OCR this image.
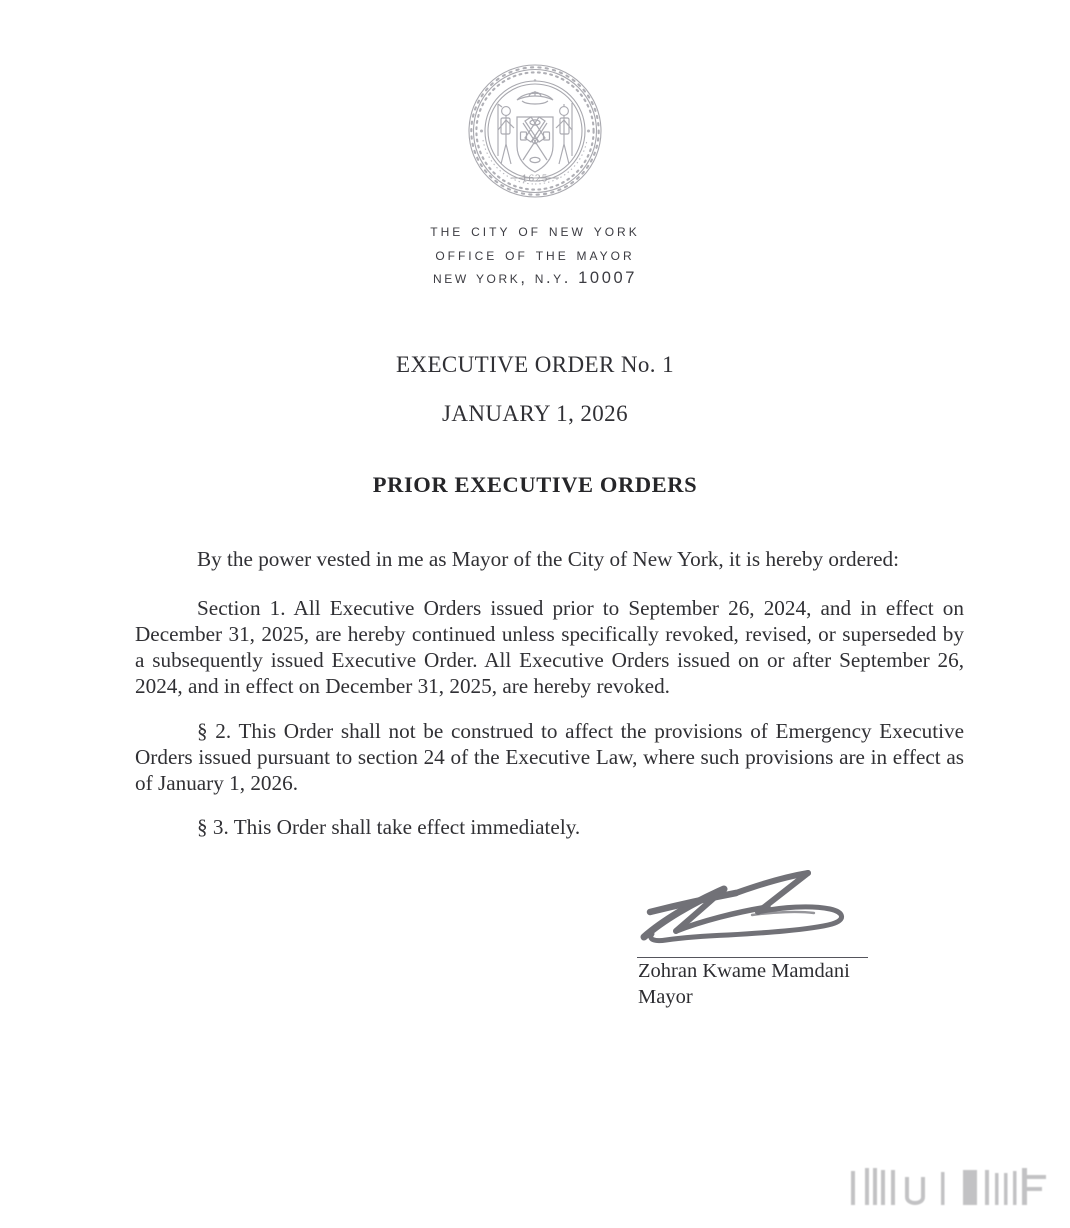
·1625·
the city of new york
office of the mayor
new york, n.y. 10007
EXECUTIVE ORDER No. 1
JANUARY 1, 2026
PRIOR EXECUTIVE ORDERS

By the power vested in me as Mayor of the City of New York, it is hereby ordered:

Section 1. All Executive Orders issued prior to September 26, 2024, and in effect on December 31, 2025, are hereby continued unless specifically revoked, revised, or superseded by a subsequently issued Executive Order. All Executive Orders issued on or after September 26, 2024, and in effect on December 31, 2025, are hereby revoked.

§ 2. This Order shall not be construed to affect the provisions of Emergency Executive Orders issued pursuant to section 24 of the Executive Law, where such provisions are in effect as of January 1, 2026.

§ 3. This Order shall take effect immediately.

Zohran Kwame Mamdani
Mayor
